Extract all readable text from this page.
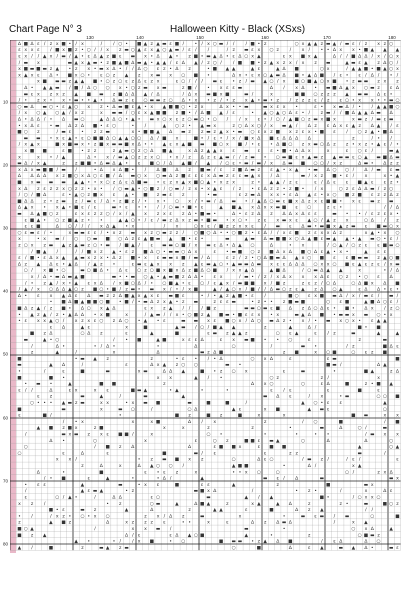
Chart Page N° 3	Halloween Kitty - Black (XSxs)
130	140	150	160	170	180
10
20
30
40
50
60
70
80
∆ ■ ∆ ɛ / z x ■ • / x	/ / ○ • ■ ▲ z ▲ ▬ ɛ ■ / • / x ○ ▬ / / / ■ • z	○ x ▲ ▲ z ▬ ▲ / ▬ ɛ / z x z ○
ɛ x x ɛ / ■ x ■ z • ○ / / x z ▬ ○ ▲ ɛ x ▲ ○ ▲ ▬ / ɛ / /	/ z ▬ ɛ x ○ z / x / • • ∆ x x • ■ ▲ ▲ ▲
ɛ x / / ▲ x / ▬ / ▲ • ɛ ∆ ▲ z ■ ɛ ▬ x • ∆ ▲ • z ■ • ▬ ▲ ∆ • ɛ ∆ ○ x ▲	ɛ x ■ x ▲	∆ / / ■ ∆ ∆ / x / ○ x
/ ▬ x	▬ ▲ x ▲ ▬ • z ■ ▲ ■ ∆ ▬ ▲ • ▲ ▲ / ɛ ∆ ▲ / z ○ / / ■ ■ • z ▲ x z x / x z ▬	▲ ▬ ɛ ▲ z ∆ ○ /
x ■ ▬ ■ ▬ z ▲ • z x • ▬ x ∆ • / / ∆ ○ ɛ z • ∆ z	• ■ ▲ ▲	▲ ɛ	▲ ∆ ■	○ x	/ ▲ ▲ ■ • ■ ▲ ○ x
x ▲ x ɛ ∆ • ■ x ○ • ɛ ○ z ▲ z x ▬ x ○ ■ •	∆ x • ɛ x ○ ▲ ▬ ∆ ■ • ▲ ∆ ■ / ɛ • ɛ / ∆ / • /
x ■ ▬ ▬ z ▲ ▲ ■ • ○ z ○ ɛ z ∆ ɛ z x	ɛ ○ / / / ▬ ɛ • z / ▬ ▲ ○ / x ■ ○ ■ ▲ ○ x ■ • z ▬ ▬ z x z
∆ • ▲ ▲ ▬ / ■ / ∆ ○ ○ x • ○ z ▬ x ▬	z ■ / • x ɛ ɛ ▬	∆ / x ∆ • ▬ ■ ∆ ▲ x ○ ▬ z ɛ ∆
▬ ɛ x z x z ▲ ■ ▬ z ■ ∆ ∆ ▲ / ∆	/ ∆ x ▬ ■ x ■	▬ /	x	■ ■ ○ z z z ▲ ▬ ▬ ∆ ɛ •
/ • z x • x • ▬ • • ▲ • ∆ ▬ z ɛ ○ ▬ ▬ z ○ ∆ • x • z / • z x ▲ • ▬ • z / z z z ɛ / z ɛ ○ • x x • • ▬ ○
○ ▬ ∆ ▬ ○ • ɛ ▲ ○ x z • ∆ ▬ ■ ɛ ▲ • x ▲ ■ ■ ○ • z x	∆ x • • ▬	▬ x ɛ x •	ɛ • x ▬ ∆ / • / ▲ ▲ ■ ○
/ x ○ ▲ ○ ▲ / x z	x ▬ ▬ / ○ ɛ x ▲ ■ ■ z ■ • / ∆ ■ ▲ / ɛ	• ▲ ○ ▲ ○ ∆ ɛ • / z ▬ / / ■ ∆ ▲ ▲ ∆ ▬ ∆
∆ • ∆ ∆ / • ∆ ▬ ○	▲ ∆ ∆ ○ • ▲ • ▬ x ○ x ɛ z ○ ▬ ○ • ○ / / x ɛ • / ○ / ▲ ■ ○ z ▬ x ■ x	x ▬ z / ▬ ɛ ▬
• x ∆ ɛ • ▬ ∆ z ∆ ■ • ɛ ○	• /	▲ ○ z • ▲ ▬ x	z ○ ∆ x ○ / x ▬ ▲ / ∆ z ɛ ∆ x ɛ ▲ z ∆ ▲ / ɛ
■ ○ z	/ ▬ ɛ • z z ▬	x • ■ ■ ▲ ∆ ▬ z z ▬ z ▲ x • ▬ ○ ɛ x z ■ x z ɛ x • ■ ɛ / ○ z ▲ • ■ ∆
▬ ▬ • x ɛ ▲ • ɛ ○ ■ ■ ∆ ○ ▲ ▲ ○ ○ ∆ / ■ x	■ • / ɛ • / x / ■ x ∆ ■ ɛ ∆ ∆ ∆ ∆	z	/ • /
/ x ▲ x	■ x ■ ▬ x • z ■ x ▬ ▬ ■ x ∆ • • ▲ ɛ x ▲ ■ ▬ ■ ○ x ■ / • ɛ • ∆ ■ ○ z x ▬ ○ ∆ z z • x z • ▲ ɛ / •
x ■ ■	ɛ ■ • z z	z ▲ ▬ ○ z ○ ∆ ■ ▲	x ∆ z ▲ ▲ x ɛ ▬ ɛ ɛ • ■ • ∆ ∆ x	x	ɛ ○ ɛ /	▬ ▲
x	x • / ▲	∆ • x / ▬ ▲ ○ z z x ○ • x / z ∆ z ɛ ▲ ▬ / / z ▬ • ○ ▬ ■ ɛ x ▲ ▬ z ▲ ▬ ▬ ɛ ○ ▲ ▬ ■ ∆ ▬
▬ ∆ / x ▲	z z ■ ■ • ∆ ▬ ∆ ▲ • ɛ ■ ○ / ∆ ▲ ■ / ▲ / ○ ɛ • ▬ / ▬ / x ∆ ▬ ■ ○ ○ / x z	∆ ▬ • ∆ z z
x ∆ x ▬ ■ ■ / ▬ /	• ∆ x ∆ ■ • / ∆ ■ ∆ z ■ ▬ / ɛ z ■ ∆ ▬ z ɛ ▲ • x ▲ • ▬ ∆ ○ ○ / ∆ / ▬ ɛ ▬
∆ ∆ ∆ ∆ x z ■ ○ x ∆ ○ ɛ ■ / ∆ ▬ ○ x ○ ▬ ∆ z ■ ɛ ɛ ɛ x ∆ ▬ z ɛ ɛ ▬ ▲ x / ∆	▬ / x z ■ • ɛ / x	x • ▲
■ x ▬ ▬ ▬ ▲ ▲ • • x ○ z ∆ ɛ ∆ ■ ▬ • ɛ z x ▲ x ■ ○ ▲ • x z x	z • ▲ ▲ / z ɛ	ɛ / ∆ ɛ ɛ ■ ▲ ɛ ɛ z •
x ∆ z ɛ z z x ○ z z • x • / ○ ▬ ▲ • ○ ■ z / ○ ▬ / z x • x ▲ ɛ / z • ɛ ∆ z z • z ■ • / x	○ z ɛ ∆ ∆ ▬ / z ○
/ ○ / ■ ∆	ɛ • ▲ ○ z ■ x ɛ ▲ • ■ z ▬ ɛ z	• ▬	ɛ z ▬ ∆ x x • ɛ ∆ ▲ ɛ • x ○ ■ z ■ ɛ z z ∆ z
■ ∆ ∆ z • z ▬ z / ▬ ɛ / ∆ • z ■ z / • x • ○ x / • ▬ / ∆ ▬ • / ▲ ∆ ○ ▬ ɛ ■ x ∆ z x ɛ ■ ■ • x ɛ ▬ z ▬
∆ ▲ x • x ▲ • ■ ɛ / ɛ	▬ • ɛ • • / / ○ ▬ • ■ • ɛ	▲ ■ ▲ x ∆ x x ▬ ■ ɛ ○	z ɛ •	/ / ∆
▬ ∆ ▲ ■ ○ z	ɛ x ɛ z z ○ / x / ▲ x z x ɛ z ∆ • ■ ▬ •	∆ • ɛ z ∆ z ∆ ∆ x ∆ ɛ ɛ	▬ • • / ɛ z ɛ x •
ɛ ■ ▲ • ○ z ■ ▲ z • •	▲ ▲ ○ • / ɛ / ▬ z ∆ x z ▬ • ■ ▬ • x ○ • z ɛ x ▬ x ɛ ▲ ○ / ▲ z x	○ ∆ / z
ɛ ɛ ■	∆ ○ / / / x ∆ ▲ • x	/ x	○ x ɛ / ■ z z x x ɛ / ▬ ɛ ∆ ▬ • ▬ ■ x ▲ z ▬ ɛ ■ ▬ ○ x
○ ɛ ▬ ɛ / •	x ▬ ▬ ɛ ɛ / • x z ▬ x z ○ ▬ z z / ○ ■ ○ ∆ • • ○ ■ z • ɛ ∆ / / x ɛ ■ z ɛ x x ∆ z	x ▲ • x ○
x	• x ▬ / ○ ○ ▬ ■ ○ ∆ z ɛ ▲ ■ ▬ ▲ ■ • ɛ •	▬	▲ ▬ ∆ ▬ ■ ■ x ○ ∆ ▲ ■ ɛ ▬ ▲ ▲ • ▲ ▬ ○ • ɛ /
z ○ x z ▬ ▲ z ▲ ▬ z ○ • ▬ / ■ ▲ / ɛ ▬ ▬ ○ ■ / x ▬ ɛ ∆ • ∆ ▲ ○	∆	• x	/ ○ ▲ / ○ z ɛ ɛ ■ ▬ ○
/ ■ ▲ /	/ / ■ x z ▲ • ɛ z ■ ∆ ○ • ▬ ▬ ○ ∆ x	ɛ • ▬ ■ ○ z ■ ∆ x ∆ ■ ○ ∆ ɛ ▲ • x •	▲ ɛ ɛ
ɛ / ■ • ɛ ∆ x ▲ ▲ ▬ x z x • ∆ z ■ • x ɛ ▬ ▬ x ■ / ▬ / ∆	ɛ z / z • ○ ∆ ■ ▬ ∆ ▲ x ○ ■ ɛ ɛ ■ ▬ ▬ z ▲ ○ ■
∆ z ▲ ∆ ɛ • ▲ ∆ / ▲ z •	ɛ ▬ ɛ ▲ x x z ▲ ɛ ▬ ▲ ○ • ▲ ▬ ▬ ∆ ▬ x ɛ ɛ ∆ ∆ ∆ ○ x x ○ ■ ɛ ▲ ɛ z ɛ / x ▬
○ / x ■ • ○	▬ ○ ■ ∆ • ∆ ɛ ○ z ○ ■ x ■ x ∆ z ■ ∆ ○ ■ / x x ▲ ∆	▲ ■ ∆	/ ○ ▬ ∆ ▲ ▲	x	• / ∆
x / ∆ • ▬ ∆ ▬ ▲ ■	▬ • • ▬ ○ ▲ • ▲ ▬ ■ z ∆ ∆ • ɛ x	/ ▬ • / z / x ∆ x x x ∆ ɛ ○ z • ○ ɛ ∆
/ • z ▲ / x • ▲ ɛ x ∆ / x ■ ○ ∆ / • ○ ■ ▲ • ɛ ○ / ɛ ▲ x / ▬ ■ ■ x / ■ z	z ɛ z / ○ ∆	○ ∆ ■ x ∆ ■
/ ▲ / x ○ ∆ ∆ ▲ ○ z ■ ○ • ■ / z ▬ • ▬ x / • / x ■	▲ / ▲ ○ x / ■ / / ∆ ▬ ○ z ɛ ▲ z ∆ ○ ▲	ɛ ∆ ∆ • ɛ •
∆ • ɛ x ▲ ∆ ɛ ∆ ▬ z z ∆ ■ ▲ x ▲ x ɛ ▬ ■ ɛ	• / • ▲ z ▲ ■ • ɛ /	■ ○ ɛ x ■ ▬ ∆ / x / ▬ ɛ / ▬ /
• ■ ∆ ■ ▲ ■ ■ ○ ■ • ■ / • ▬ ∆ z x ▲ • z ▬	z ɛ ɛ ▬	• z • • z ■ ▬ ■	○ ɛ ■	▲ ■ ∆ ○ ɛ /
■ ∆ z ▲ / z ■ • ∆ ○ x ▲ ∆	ɛ x z ▲ / / / ■ z	▬ ▬ ○ ▬ ɛ ■ ∆ z ∆ ○ ∆ ɛ • ■ • ∆ x / z ○
• ▲ z ▲ / z • ▲ ∆ ∆ • x ■	x	/ ▲ ▬ / / x • ○ ■ z ▲ ■ ▬ • ■ ɛ ɛ x • x	▬ ▲ ∆ ■ • ▬ ▬ x ▬ ○ • x
• ɛ x x ▲ ○ / x z x ɛ ○ z ∆ ○ • ▲ • ɛ	▬ ▬ x ɛ ■ ○ x / ∆ ○ ▬ ∆ z • x / • ▬ x ○ x • ɛ ▲ ▲
ɛ ∆	▲ ɛ	x	■	▲ ▬ / ○ / ■ ▲ ▲	z	▲	∆ /	■ • ■
■ z ∆	○ ∆ z	ɛ	▲	■	ɛ ▬ z ▲ ▲ z	○ ɛ ▲	ɛ / z	▬	▲	▲
▬	▲ • ○	/ • ■	▲ ■	x ɛ ɛ ∆	ɛ x ▬ ■ • • ○	ɛ	z	▬
/	∆ •	• / ∆ •	•	∆	○	/	▬ •	/ z	■ ∆ ɛ
z	▲	/	x	∆	▬ z ∆ ■	z ■	x ○ ■	○ ɛ z ■
■	• ▬ ▲ z	z	• ɛ • / • ∆	○ x ∆	ɛ	ɛ ▬	■
▬	▲ ∆	/	ɛ	∆ x ▲ z ○ ○	▬ •	■ ▬ /	∆ ▲
•	/	ɛ	■	▬	x ▬	∆ ∆ ▲	■ • z ○ x	ɛ	▬	•	■ ▲	z ∆
■	■ •	x x	▲ / •	○ z	z /	x
• ▬ •	▲	■ ■	z	∆ x ○	○	ɛ ∆	■	z • ■ ▲
ɛ / /	∆	ɛ x	x ɛ	■ ▬ ▲	• ▲	•	•	ɛ / ɛ	ɛ	■	ɛ
ɛ z	▬	▲	/	▬	▲	▬ ∆ ɛ	/ x	• ▬	○ ○ ■
○ • • • ▲ ▬ z ▬	x x	• x ▬ ■	▬	■	■	/	▲ ○ • ɛ ɛ	▲
■	▬	x	▬ ○	/	○ ∆	▲ ɛ	x ■	▲ ▬ ɛ	○
ɛ	■ /	•	■ z	■ z	■	x	x	■ ▬	x x
/ • x	x	x ■	∆ / x	z	/ ○	■	/ ■
▲ ■ z ■ x	z ■	x	x	z	z	•	▬	∆	○ /	▬
/	▬ x ▬ z x ɛ ■ ■ /	x	○ •	•	•	• •	/ ▬ x x
∆ •	○	x	ɛ	○ z	■ ■ ɛ ▬ ▲	○	∆	∆	○
○	/ ■ z ∆	∆	ɛ ■ ■ x	ɛ ■ ■	▲	○ ▲
○	ɛ	∆	ɛ	■	▬ / ɛ	ɛ	z z	▬	/
x x /	• z ▬ ■ x z	○	∆ ɛ ○	/ ▬ z /	/ ɛ /	ɛ
z	∆	x	∆ ▲ ○ ○ /	▲ ■ ■	•	∆ /	x ▲
∆	•	■	ɛ • ɛ z	x	• • x ○	○	○ /	z x ∆
/ • ■	ɛ	▲	•	• ∆ /	▲	▬ ɛ / ∆	▬	▬ x
• ɛ ɛ	▲	▬	• x ɛ	■	ɛ ɛ	▲	z	■	▬ x
/	▲ ɛ ▬ ▲	• z	▬ ■ x ∆	/	• z •	/	x	∆ ɛ
ɛ	○ / ▲ •	/	∆ ∆	ɛ ○	▬	▲ / ▲	■ •	/ ○ x x ○
x z /	• z	○ ▬	▲	∆ ■ ▲	z	x ▲	▲ ∆	z	z •	▬	■ ○ z
■ • ɛ	▬ z	▲	∆	z	▲ ▲	ɛ	■	∆ z ▲	/ /
• /	/ x z • ○ • x ○	z x / ∆ z	▬	x	•	▬ ɛ ▬ / ▬	○	■
z	▲ ■ z	∆	x z z z ɛ	• •	x	ɛ	∆ z ∆ ▬ ∆	/	x ▲
■ ○ ▲	/	x x ▬ /	▬	•	○ x ∆	▲
■ z ▲	∆ / ɛ	ɛ ∆ ▲ ○ ■	▲	•	z	○ ■ ▬ z
▲ •	• / / x ■	• ○	■ ▬ ▬ • z ▲ ∆ ■	/ ɛ ∆	∆ ○
▲ /	■	z	▬ ▲ z ▬	○	■	∆	ɛ ▲	▬ ▲ ∆ •	▬ ɛ
